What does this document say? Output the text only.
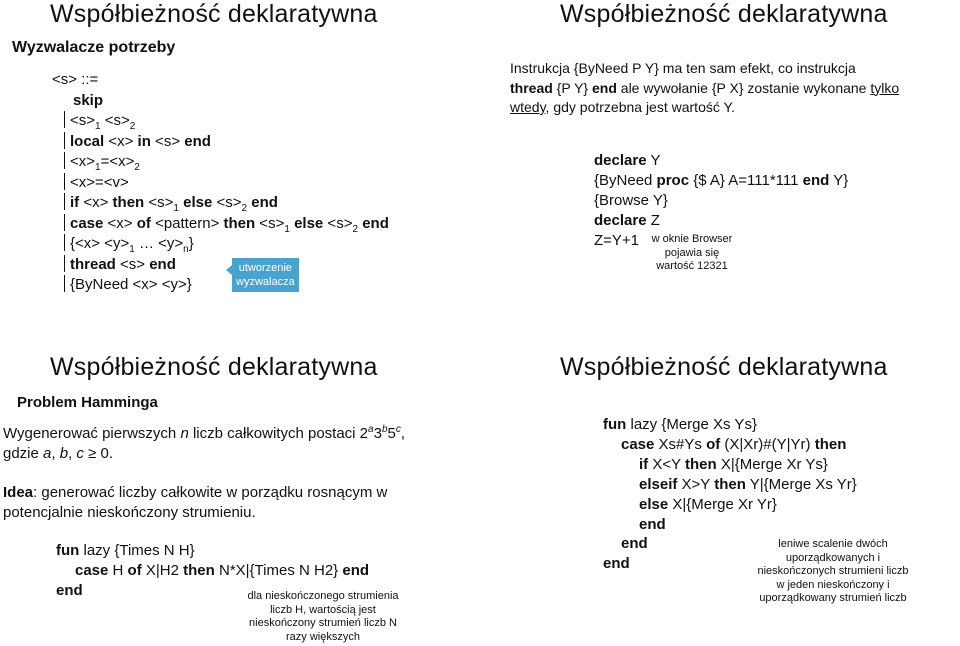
Współbieżność deklaratywna
Wyzwalacze potrzeby
<s> ::=
skip
$<s>_1 <s>_2$
local <x> in <s> end
$<x>_1=<x>_2$
<x>=<v>
if <x> then $<s>_1$ else $<s>_2$ end
case <x> of <pattern> then $<s>_1$ else $<s>_2$ end
{$<x> <y>_1$ … $<y>_n$}
thread <s> end
{ByNeed <x> <y>}
utworzenie
wyzwalacza
Współbieżność deklaratywna
Instrukcja {ByNeed P Y} ma ten sam efekt, co instrukcja
thread {P Y} end ale wywołanie {P X} zostanie wykonane tylko
wtedy, gdy potrzebna jest wartość Y.
declare Y
{ByNeed proc {$ A} A=111*111 end Y}
{Browse Y}
declare Z
Z=Y+1	w oknie Browser
pojawia się
wartość 12321
Współbieżność deklaratywna
Problem Hamminga
Wygenerować pierwszych n liczb całkowitych postaci 2$^a$3$^b$5$^c$,
gdzie a, b, c ≥ 0.
Idea: generować liczby całkowite w porządku rosnącym w
potencjalnie nieskończony strumieniu.
fun lazy {Times N H}
case H of X|H2 then N*X|{Times N H2} end
end	dla nieskończonego strumienia
liczb H, wartością jest
nieskończony strumień liczb N
razy większych
Współbieżność deklaratywna
fun lazy {Merge Xs Ys}
case Xs#Ys of (X|Xr)#(Y|Yr) then
if X<Y then X|{Merge Xr Ys}
elseif X>Y then Y|{Merge Xs Yr}
else X|{Merge Xr Yr}
end
end
end
leniwe scalenie dwóch
uporządkowanych i
nieskończonych strumieni liczb
w jeden nieskończony i
uporządkowany strumień liczb
